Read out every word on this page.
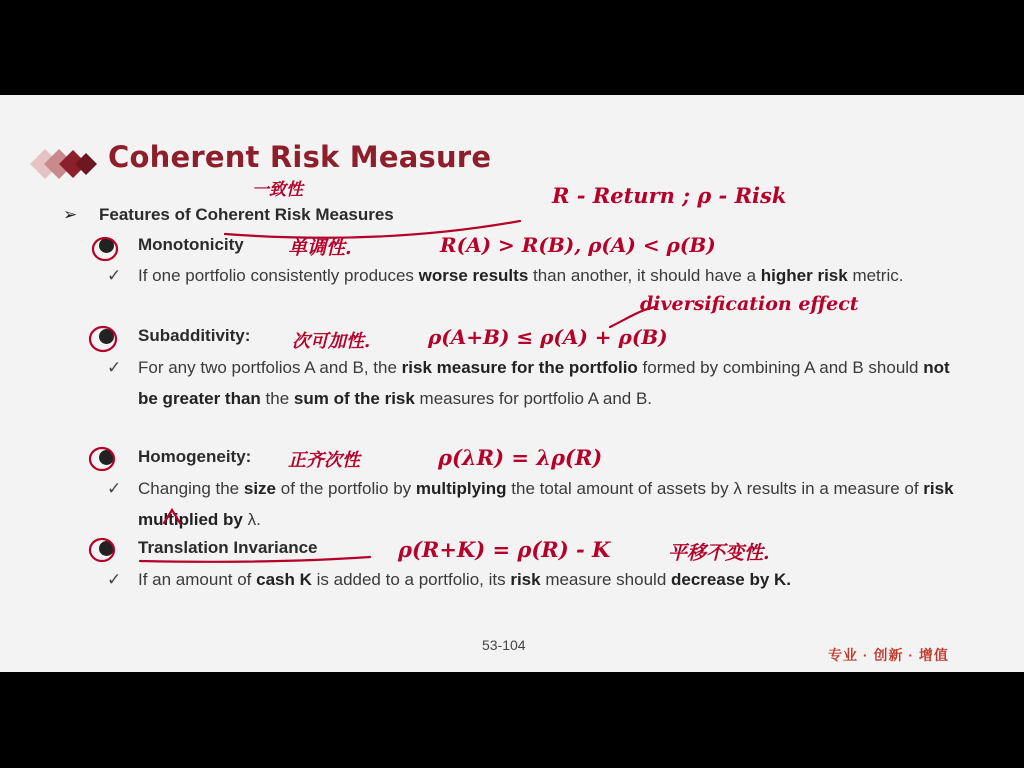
Coherent Risk Measure
➢ Features of Coherent Risk Measures
Monotonicity
✓ If one portfolio consistently produces worse results than another, it should have a higher risk metric.
Subadditivity:
✓ For any two portfolios A and B, the risk measure for the portfolio formed by combining A and B should not be greater than the sum of the risk measures for portfolio A and B.
Homogeneity:
✓ Changing the size of the portfolio by multiplying the total amount of assets by λ results in a measure of risk multiplied by λ.
Translation Invariance
✓ If an amount of cash K is added to a portfolio, its risk measure should decrease by K.
53-104
专业 · 创新 · 增值
一致性	R - Return ; ρ - Risk
单调性.	R(A) > R(B), ρ(A) < ρ(B)
次可加性.	ρ(A+B) ≤ ρ(A) + ρ(B)
diversification effect
正齐次性	ρ(λR) = λρ(R)
ρ(R+K) = ρ(R) - K	平移不变性.
